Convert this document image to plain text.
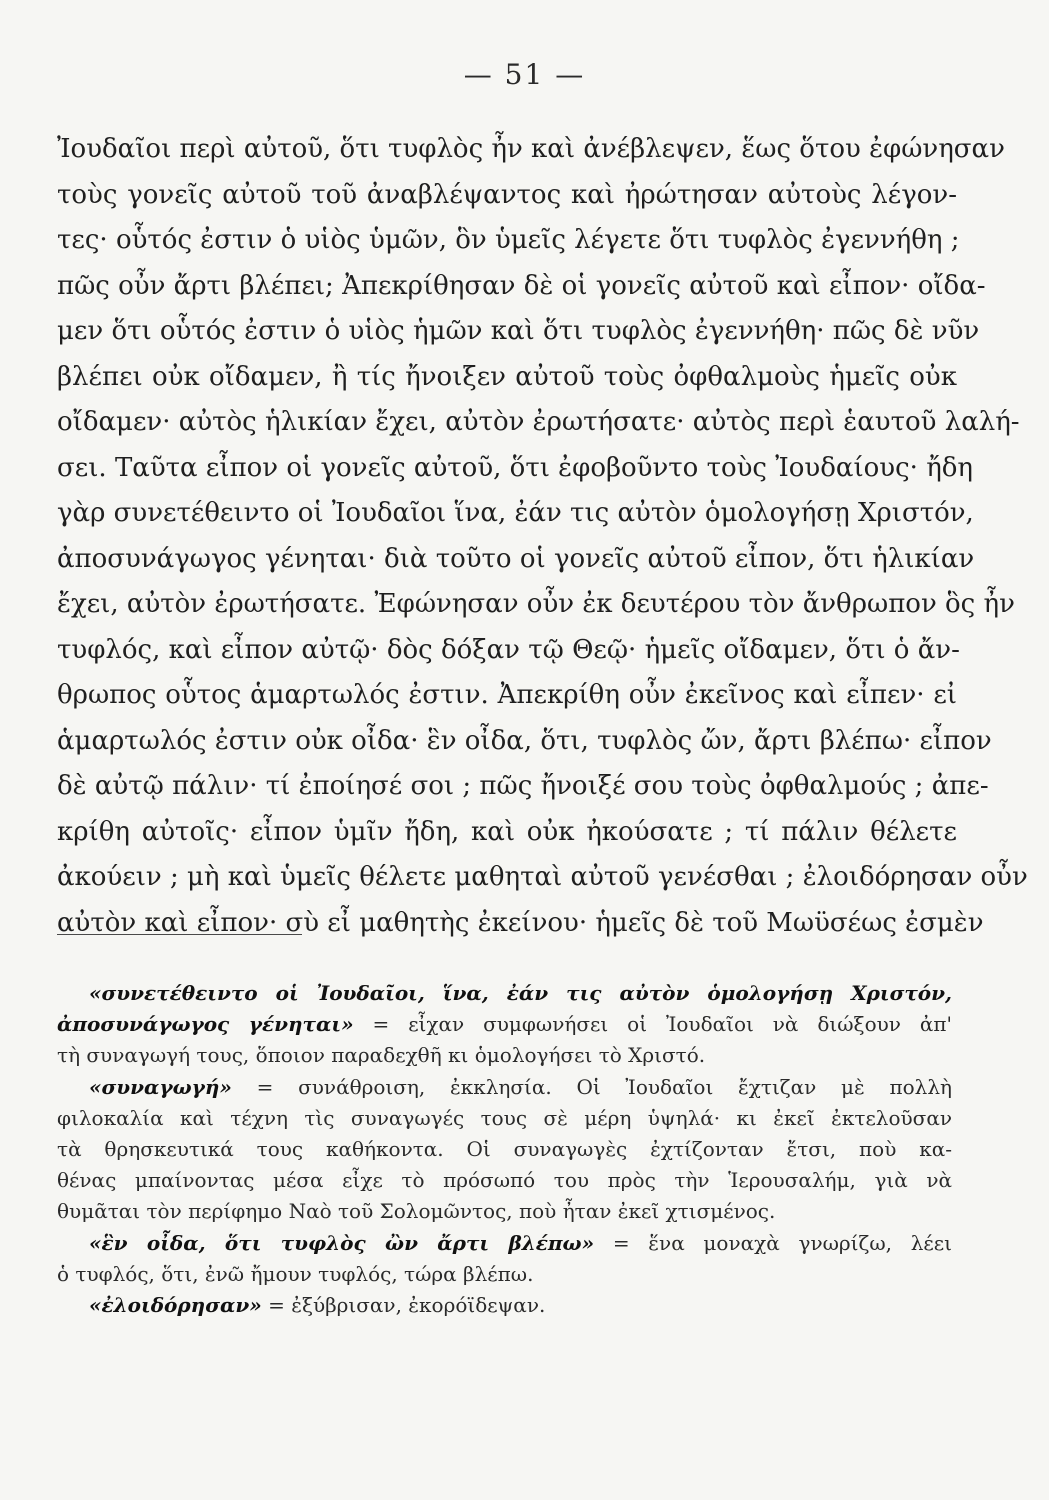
— 51 —
Ἰουδαῖοι περὶ αὐτοῦ, ὅτι τυφλὸς ἦν καὶ ἀνέβλεψεν, ἕως ὅτου ἐφώνησαν
τοὺς γονεῖς αὐτοῦ τοῦ ἀναβλέψαντος καὶ ἠρώτησαν αὐτοὺς λέγον-
τες· οὗτός ἐστιν ὁ υἱὸς ὑμῶν, ὃν ὑμεῖς λέγετε ὅτι τυφλὸς ἐγεννήθη ;
πῶς οὖν ἄρτι βλέπει; Ἀπεκρίθησαν δὲ οἱ γονεῖς αὐτοῦ καὶ εἶπον· οἴδα-
μεν ὅτι οὗτός ἐστιν ὁ υἱὸς ἡμῶν καὶ ὅτι τυφλὸς ἐγεννήθη· πῶς δὲ νῦν
βλέπει οὐκ οἴδαμεν, ἢ τίς ἤνοιξεν αὐτοῦ τοὺς ὀφθαλμοὺς ἡμεῖς οὐκ
οἴδαμεν· αὐτὸς ἡλικίαν ἔχει, αὐτὸν ἐρωτήσατε· αὐτὸς περὶ ἑαυτοῦ λαλή-
σει. Ταῦτα εἶπον οἱ γονεῖς αὐτοῦ, ὅτι ἐφοβοῦντο τοὺς Ἰουδαίους· ἤδη
γὰρ συνετέθειντο οἱ Ἰουδαῖοι ἵνα, ἐάν τις αὐτὸν ὁμολογήσῃ Χριστόν,
ἀποσυνάγωγος γένηται· διὰ τοῦτο οἱ γονεῖς αὐτοῦ εἶπον, ὅτι ἡλικίαν
ἔχει, αὐτὸν ἐρωτήσατε. Ἐφώνησαν οὖν ἐκ δευτέρου τὸν ἄνθρωπον ὃς ἦν
τυφλός, καὶ εἶπον αὐτῷ· δὸς δόξαν τῷ Θεῷ· ἡμεῖς οἴδαμεν, ὅτι ὁ ἄν-
θρωπος οὗτος ἁμαρτωλός ἐστιν. Ἀπεκρίθη οὖν ἐκεῖνος καὶ εἶπεν· εἰ
ἁμαρτωλός ἐστιν οὐκ οἶδα· ἓν οἶδα, ὅτι, τυφλὸς ὤν, ἄρτι βλέπω· εἶπον
δὲ αὐτῷ πάλιν· τί ἐποίησέ σοι ; πῶς ἤνοιξέ σου τοὺς ὀφθαλμούς ; ἀπε-
κρίθη αὐτοῖς· εἶπον ὑμῖν ἤδη, καὶ οὐκ ἠκούσατε ; τί πάλιν θέλετε
ἀκούειν ; μὴ καὶ ὑμεῖς θέλετε μαθηταὶ αὐτοῦ γενέσθαι ; ἐλοιδόρησαν οὖν
αὐτὸν καὶ εἶπον· σὺ εἶ μαθητὴς ἐκείνου· ἡμεῖς δὲ τοῦ Μωϋσέως ἐσμὲν
«συνετέθειντο οἱ Ἰουδαῖοι, ἵνα, ἐάν τις αὐτὸν ὁμολογήσῃ Χριστόν,
ἀποσυνάγωγος γένηται» = εἶχαν συμφωνήσει οἱ Ἰουδαῖοι νὰ διώξουν ἀπ'
τὴ συναγωγή τους, ὅποιον παραδεχθῆ κι ὁμολογήσει τὸ Χριστό.
«συναγωγή» = συνάθροιση, ἐκκλησία. Οἱ Ἰουδαῖοι ἔχτιζαν μὲ πολλὴ
φιλοκαλία καὶ τέχνη τὶς συναγωγές τους σὲ μέρη ὑψηλά· κι ἐκεῖ ἐκτελοῦσαν
τὰ θρησκευτικά τους καθήκοντα. Οἱ συναγωγὲς ἐχτίζονταν ἔτσι, ποὺ κα-
θένας μπαίνοντας μέσα εἶχε τὸ πρόσωπό του πρὸς τὴν Ἱερουσαλήμ, γιὰ νὰ
θυμᾶται τὸν περίφημο Ναὸ τοῦ Σολομῶντος, ποὺ ἦταν ἐκεῖ χτισμένος.
«ἓν οἶδα, ὅτι τυφλὸς ὢν ἄρτι βλέπω» = ἕνα μοναχὰ γνωρίζω, λέει
ὁ τυφλός, ὅτι, ἐνῶ ἤμουν τυφλός, τώρα βλέπω.
«ἐλοιδόρησαν» = ἐξύβρισαν, ἐκορόϊδεψαν.
